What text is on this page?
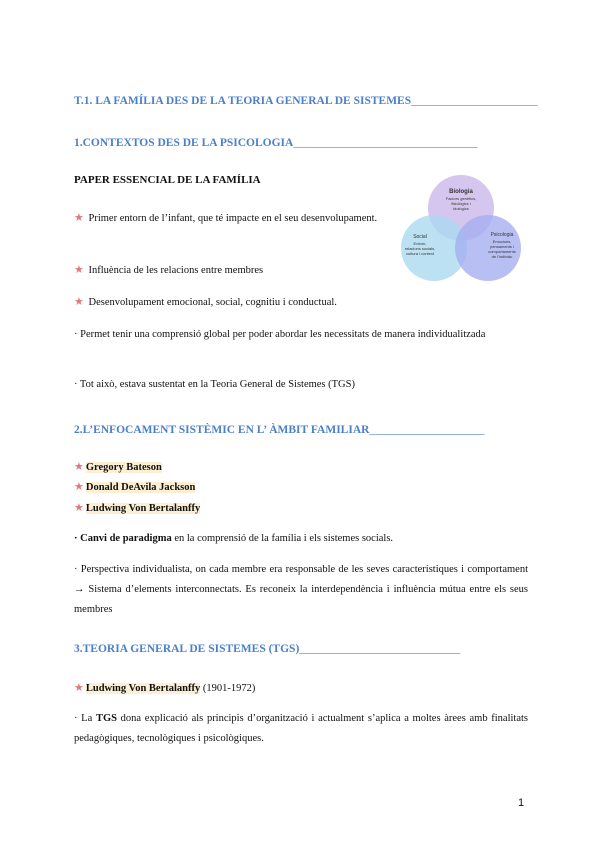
T.1. LA FAMÍLIA DES DE LA TEORIA GENERAL DE SISTEMES______________________
1.CONTEXTOS DES DE LA PSICOLOGIA________________________________
PAPER ESSENCIAL DE LA FAMÍLIA
★ Primer entorn de l’infant, que té impacte en el seu desenvolupament.
★ Influència de les relacions entre membres
★ Desenvolupament emocional, social, cognitiu i conductual.
· Permet tenir una comprensió global per poder abordar les necessitats de manera individualitzada
· Tot això, estava sustentat en la Teoria General de Sistemes (TGS)
Biologia
Factors genètics,
fisiològics i
biològics
Social
Entorn,
relacions socials,
cultura i context
Psicologia
Emocions,
pensaments i
comportaments
de l'individu
2.L’ENFOCAMENT SISTÈMIC EN L’ ÀMBIT FAMILIAR____________________
★ Gregory Bateson
★ Donald DeAvila Jackson
★ Ludwing Von Bertalanffy
· Canvi de paradigma en la comprensió de la família i els sistemes socials.
· Perspectiva individualista, on cada membre era responsable de les seves característiques i comportament → Sistema d’elements interconnectats. Es reconeix la interdependència i influència mútua entre els seus membres
3.TEORIA GENERAL DE SISTEMES (TGS)____________________________
★ Ludwing Von Bertalanffy (1901-1972)
· La TGS dona explicació als principis d’organització i actualment s’aplica a moltes àrees amb finalitats pedagògiques, tecnològiques i psicològiques.
1
